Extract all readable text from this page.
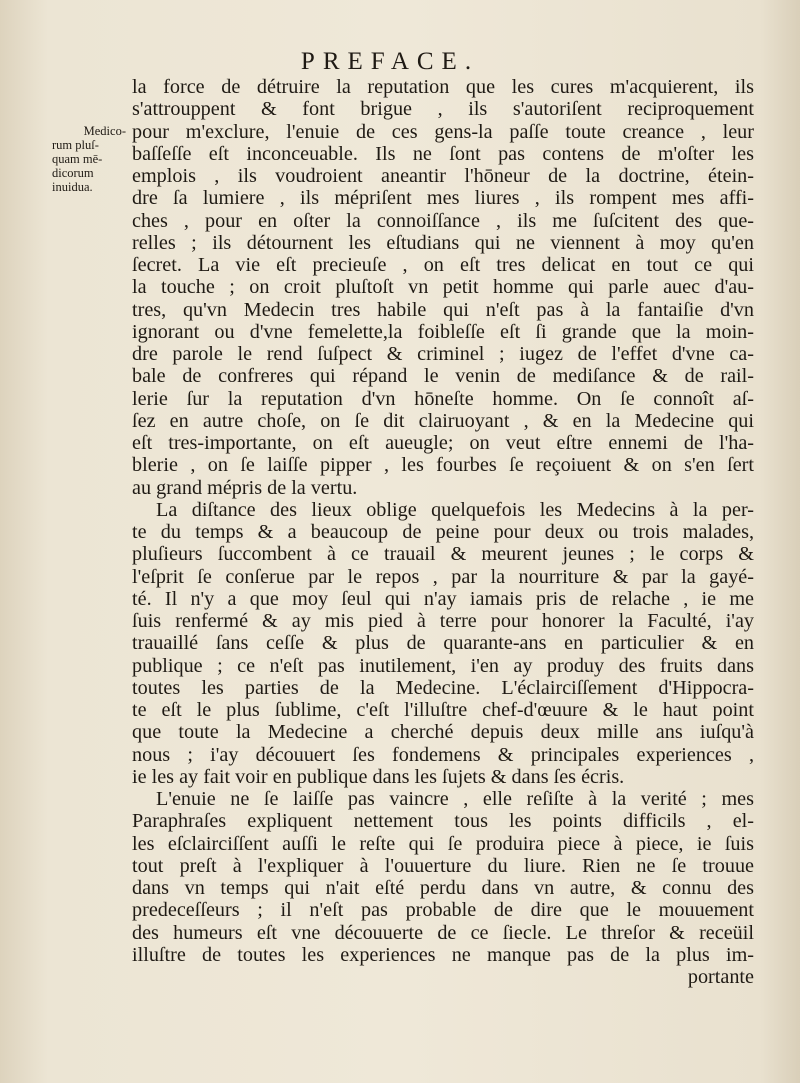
PREFACE.
Medico-
rum pluſ-
quam mē-
dicorum
inuidua.
la force de détruire la reputation que les cures m'acquierent, ils
s'attrouppent & font brigue , ils s'autoriſent reciproquement
pour m'exclure, l'enuie de ces gens-la paſſe toute creance , leur
baſſeſſe eſt inconceuable. Ils ne ſont pas contens de m'oſter les
emplois , ils voudroient aneantir l'hōneur de la doctrine, étein-
dre ſa lumiere , ils mépriſent mes liures , ils rompent mes affi-
ches , pour en oſter la connoiſſance , ils me ſuſcitent des que-
relles ; ils détournent les eſtudians qui ne viennent à moy qu'en
ſecret. La vie eſt precieuſe , on eſt tres delicat en tout ce qui
la touche ; on croit pluſtoſt vn petit homme qui parle auec d'au-
tres, qu'vn Medecin tres habile qui n'eſt pas à la fantaiſie d'vn
ignorant ou d'vne femelette,la foibleſſe eſt ſi grande que la moin-
dre parole le rend ſuſpect & criminel ; iugez de l'effet d'vne ca-
bale de confreres qui répand le venin de mediſance & de rail-
lerie ſur la reputation d'vn hōneſte homme. On ſe connoît aſ-
ſez en autre choſe, on ſe dit clairuoyant , & en la Medecine qui
eſt tres-importante, on eſt aueugle; on veut eſtre ennemi de l'ha-
blerie , on ſe laiſſe pipper , les fourbes ſe reçoiuent & on s'en ſert
au grand mépris de la vertu.
La diſtance des lieux oblige quelquefois les Medecins à la per-
te du temps & a beaucoup de peine pour deux ou trois malades,
pluſieurs ſuccombent à ce trauail & meurent jeunes ; le corps &
l'eſprit ſe conſerue par le repos , par la nourriture & par la gayé-
té. Il n'y a que moy ſeul qui n'ay iamais pris de relache , ie me
ſuis renfermé & ay mis pied à terre pour honorer la Faculté, i'ay
trauaillé ſans ceſſe & plus de quarante-ans en particulier & en
publique ; ce n'eſt pas inutilement, i'en ay produy des fruits dans
toutes les parties de la Medecine. L'éclairciſſement d'Hippocra-
te eſt le plus ſublime, c'eſt l'illuſtre chef-d'œuure & le haut point
que toute la Medecine a cherché depuis deux mille ans iuſqu'à
nous ; i'ay découuert ſes fondemens & principales experiences ,
ie les ay fait voir en publique dans les ſujets & dans ſes écris.
L'enuie ne ſe laiſſe pas vaincre , elle reſiſte à la verité ; mes
Paraphraſes expliquent nettement tous les points difficils , el-
les eſclairciſſent auſſi le reſte qui ſe produira piece à piece, ie ſuis
tout preſt à l'expliquer à l'ouuerture du liure. Rien ne ſe trouue
dans vn temps qui n'ait eſté perdu dans vn autre, & connu des
predeceſſeurs ; il n'eſt pas probable de dire que le mouuement
des humeurs eſt vne découuerte de ce ſiecle. Le threſor & receüil
illuſtre de toutes les experiences ne manque pas de la plus im-
portante
